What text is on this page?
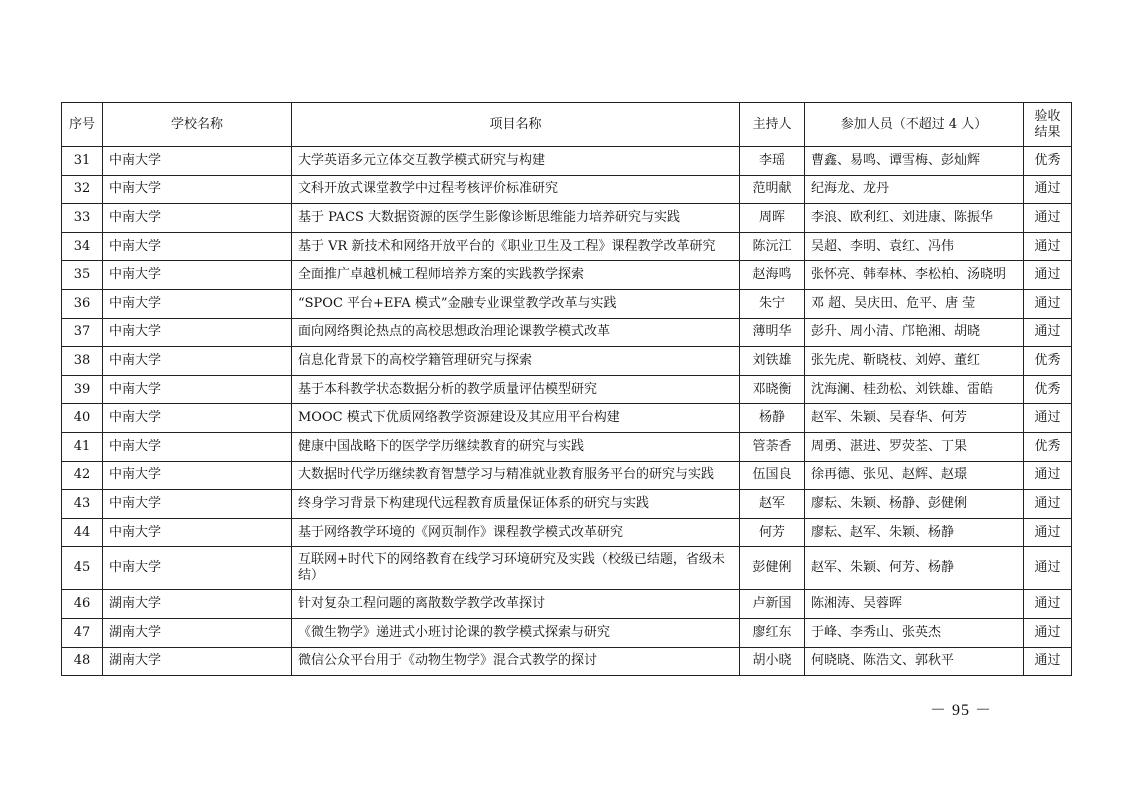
序号	学校名称	项目名称	主持人	参加人员（不超过 4 人）	验收
结果
31	中南大学	大学英语多元立体交互教学模式研究与构建	李瑶	曹鑫、易鸣、谭雪梅、彭灿辉	优秀
32	中南大学	文科开放式课堂教学中过程考核评价标准研究	范明献	纪海龙、龙丹	通过
33	中南大学	基于 PACS 大数据资源的医学生影像诊断思维能力培养研究与实践	周晖	李浪、欧利红、刘进康、陈振华	通过
34	中南大学	基于 VR 新技术和网络开放平台的《职业卫生及工程》课程教学改革研究	陈沅江	吴超、李明、袁红、冯伟	通过
35	中南大学	全面推广卓越机械工程师培养方案的实践教学探索	赵海鸣	张怀亮、韩奉林、李松柏、汤晓明	通过
36	中南大学	“SPOC 平台+EFA 模式”金融专业课堂教学改革与实践	朱宁	邓 超、吴庆田、危平、唐 莹	通过
37	中南大学	面向网络舆论热点的高校思想政治理论课教学模式改革	薄明华	彭升、周小清、邝艳湘、胡晓	通过
38	中南大学	信息化背景下的高校学籍管理研究与探索	刘铁雄	张先虎、靳晓枝、刘婷、董红	优秀
39	中南大学	基于本科教学状态数据分析的教学质量评估模型研究	邓晓衡	沈海澜、桂劲松、刘铁雄、雷皓	优秀
40	中南大学	MOOC 模式下优质网络教学资源建设及其应用平台构建	杨静	赵军、朱颖、吴春华、何芳	通过
41	中南大学	健康中国战略下的医学学历继续教育的研究与实践	管荼香	周勇、湛进、罗荧荃、丁果	优秀
42	中南大学	大数据时代学历继续教育智慧学习与精准就业教育服务平台的研究与实践	伍国良	徐再德、张见、赵辉、赵璟	通过
43	中南大学	终身学习背景下构建现代远程教育质量保证体系的研究与实践	赵军	廖耘、朱颖、杨静、彭健俐	通过
44	中南大学	基于网络教学环境的《网页制作》课程教学模式改革研究	何芳	廖耘、赵军、朱颖、杨静	通过
45	中南大学	互联网+时代下的网络教育在线学习环境研究及实践（校级已结题，省级未结）	彭健俐	赵军、朱颖、何芳、杨静	通过
46	湖南大学	针对复杂工程问题的离散数学教学改革探讨	卢新国	陈湘涛、吴蓉晖	通过
47	湖南大学	《微生物学》递进式小班讨论课的教学模式探索与研究	廖红东	于峰、李秀山、张英杰	通过
48	湖南大学	微信公众平台用于《动物生物学》混合式教学的探讨	胡小晓	何晓晓、陈浩文、郭秋平	通过
－ 95 －
